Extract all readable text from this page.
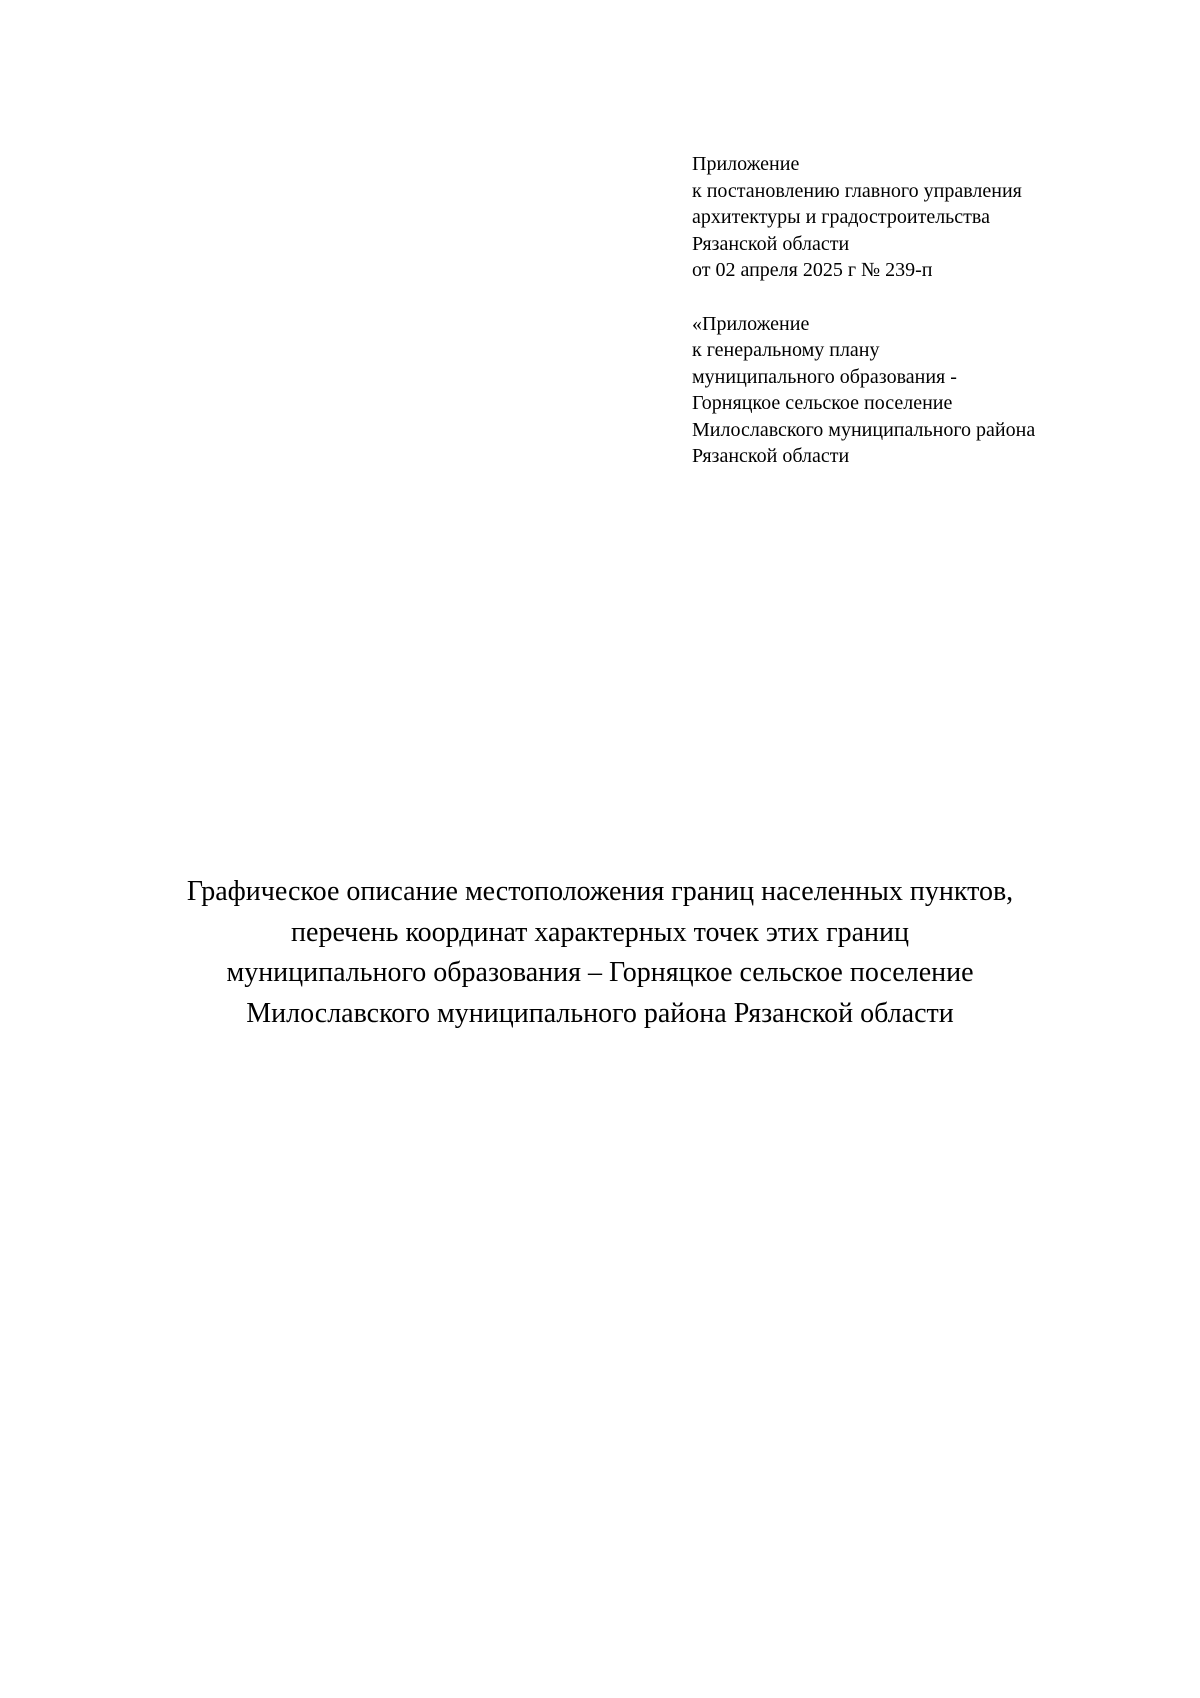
Приложение
к постановлению главного управления
архитектуры и градостроительства
Рязанской области
от 02 апреля 2025 г № 239-п
«Приложение
к генеральному плану
муниципального образования -
Горняцкое сельское поселение
Милославского муниципального района
Рязанской области
Графическое описание местоположения границ населенных пунктов,
перечень координат характерных точек этих границ
муниципального образования – Горняцкое сельское поселение
Милославского муниципального района Рязанской области
